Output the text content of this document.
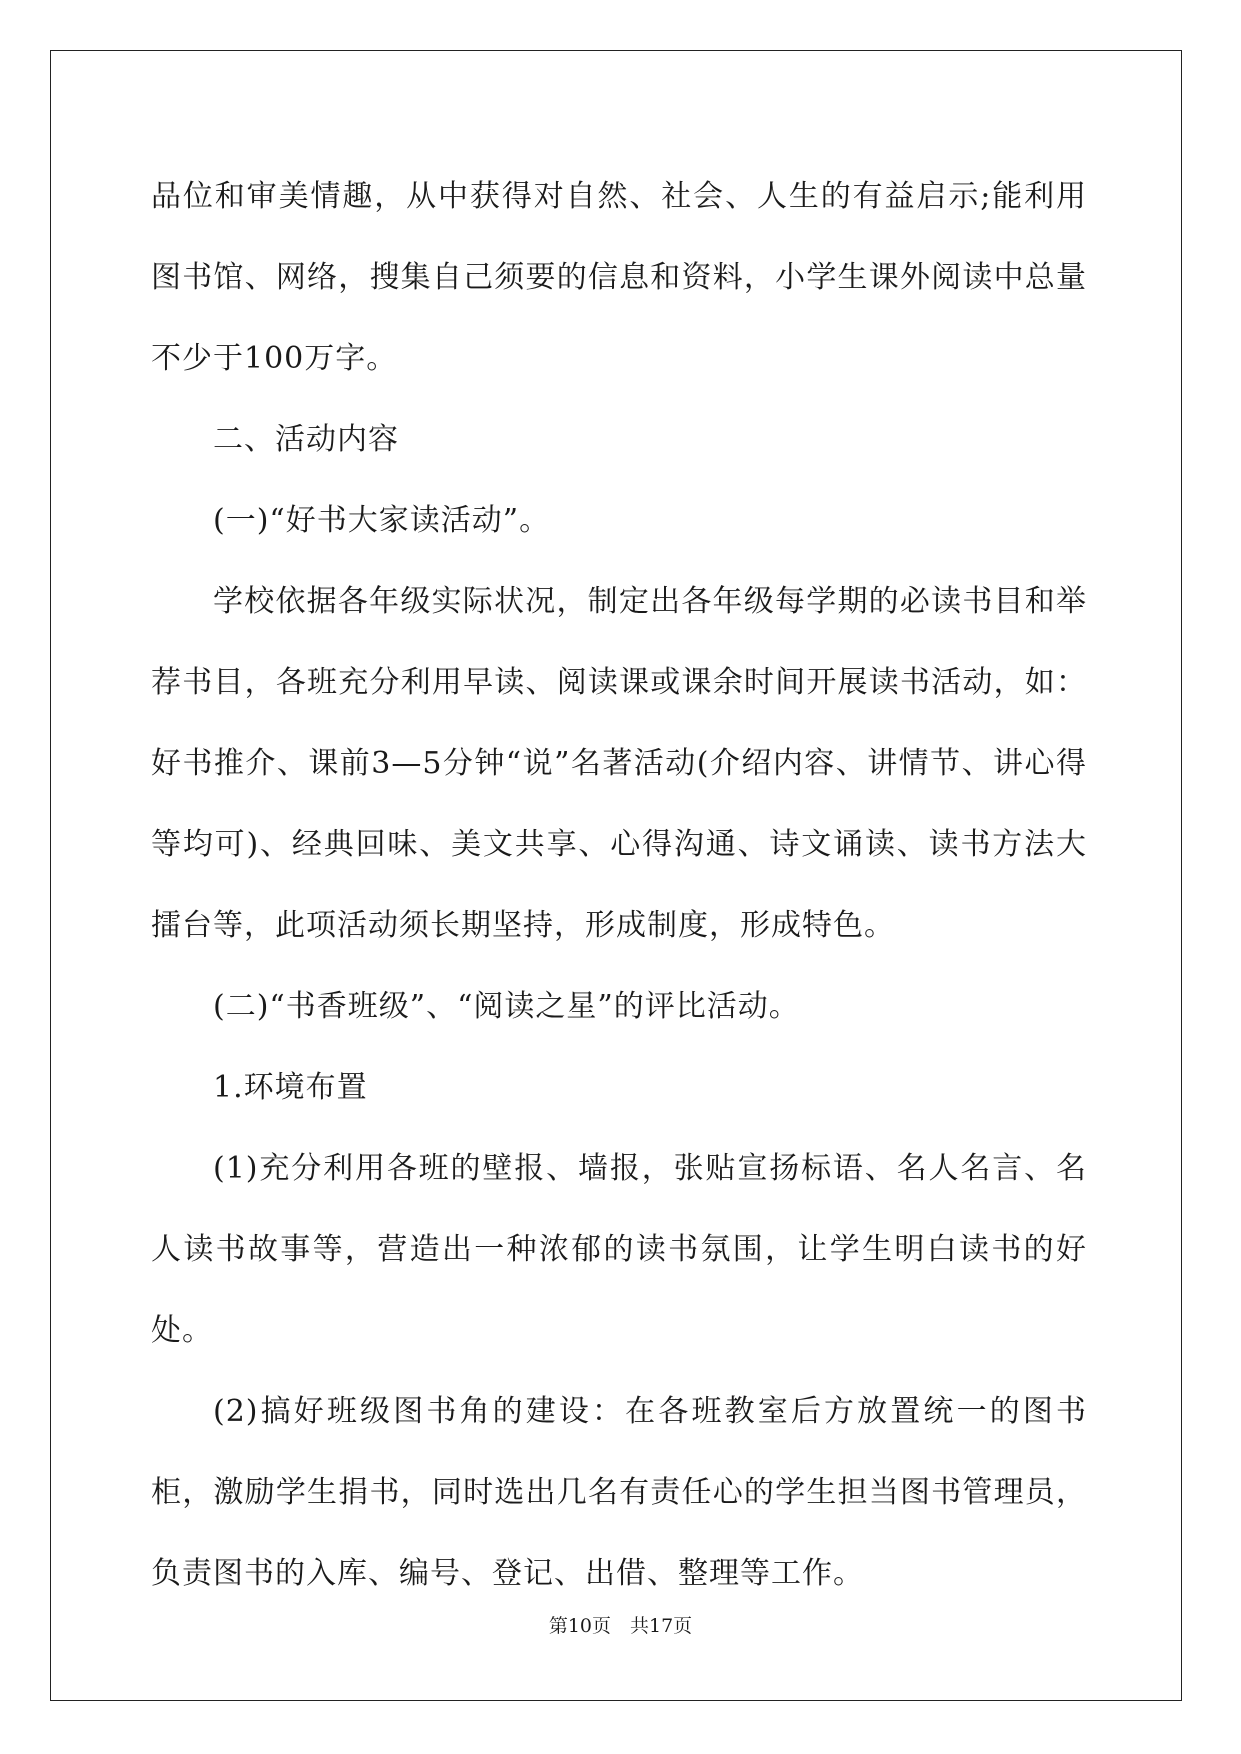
品位和审美情趣，从中获得对自然、社会、人生的有益启示;能利用图书馆、网络，搜集自己须要的信息和资料，小学生课外阅读中总量不少于100万字。

二、活动内容

(一)“好书大家读活动”。

学校依据各年级实际状况，制定出各年级每学期的必读书目和举荐书目，各班充分利用早读、阅读课或课余时间开展读书活动，如：好书推介、课前3—5分钟“说”名著活动(介绍内容、讲情节、讲心得等均可)、经典回味、美文共享、心得沟通、诗文诵读、读书方法大擂台等，此项活动须长期坚持，形成制度，形成特色。

(二)“书香班级”、“阅读之星”的评比活动。

1.环境布置

(1)充分利用各班的壁报、墙报，张贴宣扬标语、名人名言、名人读书故事等，营造出一种浓郁的读书氛围，让学生明白读书的好处。

(2)搞好班级图书角的建设：在各班教室后方放置统一的图书柜，激励学生捐书，同时选出几名有责任心的学生担当图书管理员，负责图书的入库、编号、登记、出借、整理等工作。

第10页　共17页
